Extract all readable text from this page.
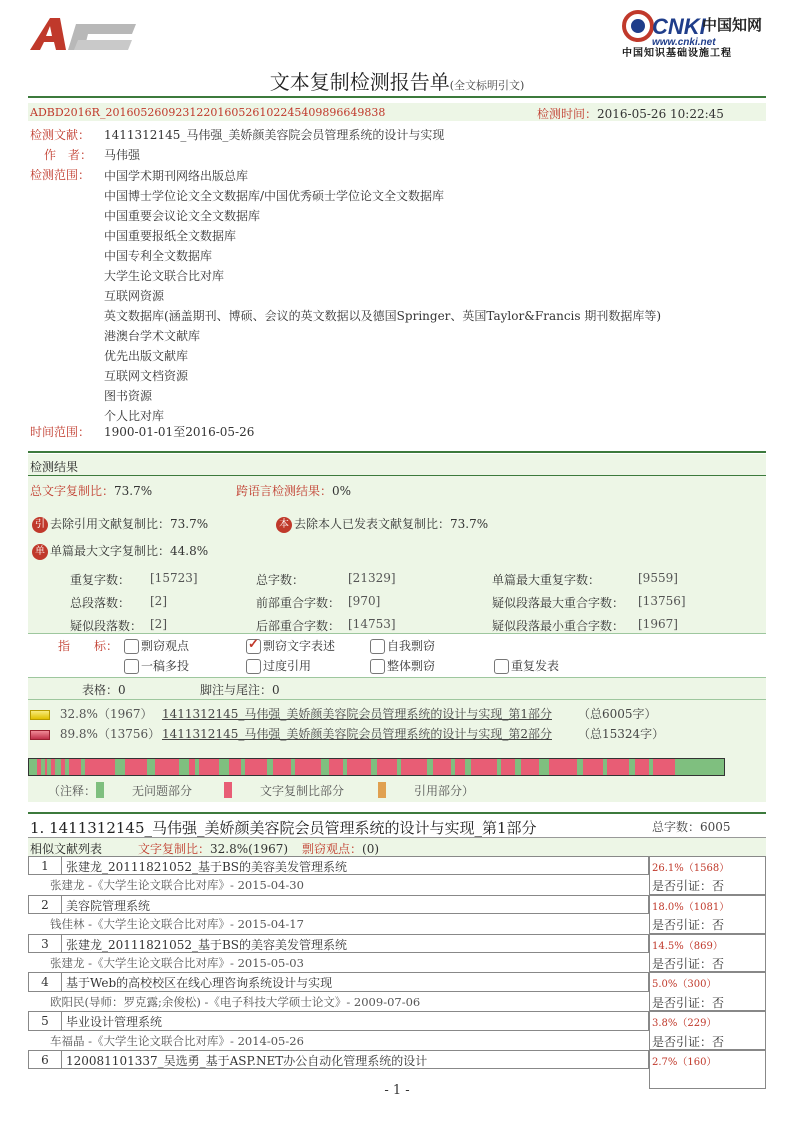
CNKI
中国知网
www.cnki.net
中国知识基础设施工程
文本复制检测报告单(全文标明引文)
ADBD2016R_2016052609231220160526102245409896649838	检测时间：2016-05-26 10:22:45
检测文献： 1411312145_马伟强_美娇颜美容院会员管理系统的设计与实现
作　者： 马伟强
检测范围： 中国学术期刊网络出版总库
中国博士学位论文全文数据库/中国优秀硕士学位论文全文数据库
中国重要会议论文全文数据库
中国重要报纸全文数据库
中国专利全文数据库
大学生论文联合比对库
互联网资源
英文数据库(涵盖期刊、博硕、会议的英文数据以及德国Springer、英国Taylor&Francis 期刊数据库等)
港澳台学术文献库
优先出版文献库
互联网文档资源
图书资源
个人比对库
时间范围： 1900-01-01至2016-05-26
检测结果
总文字复制比：73.7%	跨语言检测结果：0%
引 去除引用文献复制比：73.7%	本 去除本人已发表文献复制比：73.7%
单 单篇最大文字复制比：44.8%
重复字数： [15723]	总字数：	[21329]	单篇最大重复字数：	[9559]
总段落数： [2]	前部重合字数： [970]	疑似段落最大重合字数： [13756]
疑似段落数： [2]	后部重合字数： [14753]	疑似段落最小重合字数： [1967]
指　　标：	剽窃观点
✓	剽窃文字表述	自我剽窃
一稿多投	过度引用	整体剽窃	重复发表
表格：0	脚注与尾注：0
32.8%（1967） 1411312145_马伟强_美娇颜美容院会员管理系统的设计与实现_第1部分 （总6005字）
89.8%（13756） 1411312145_马伟强_美娇颜美容院会员管理系统的设计与实现_第2部分 （总15324字）
（注释：	无问题部分	文字复制比部分	引用部分）
1. 1411312145_马伟强_美娇颜美容院会员管理系统的设计与实现_第1部分	总字数：6005
相似文献列表	文字复制比：32.8%(1967) 剽窃观点：(0)
1	张建龙_20111821052_基于BS的美容美发管理系统	26.1%（1568）
张建龙 -《大学生论文联合比对库》- 2015-04-30	是否引证：否
2	美容院管理系统	18.0%（1081）
钱佳林 -《大学生论文联合比对库》- 2015-04-17	是否引证：否
3	张建龙_20111821052_基于BS的美容美发管理系统	14.5%（869）
张建龙 -《大学生论文联合比对库》- 2015-05-03	是否引证：否
4	基于Web的高校校区在线心理咨询系统设计与实现	5.0%（300）
欧阳民(导师：罗克露;余俊松) -《电子科技大学硕士论文》- 2009-07-06	是否引证：否
5	毕业设计管理系统	3.8%（229）
车福晶 -《大学生论文联合比对库》- 2014-05-26	是否引证：否
6	120081101337_吴选勇_基于ASP.NET办公自动化管理系统的设计	2.7%（160）
- 1 -
